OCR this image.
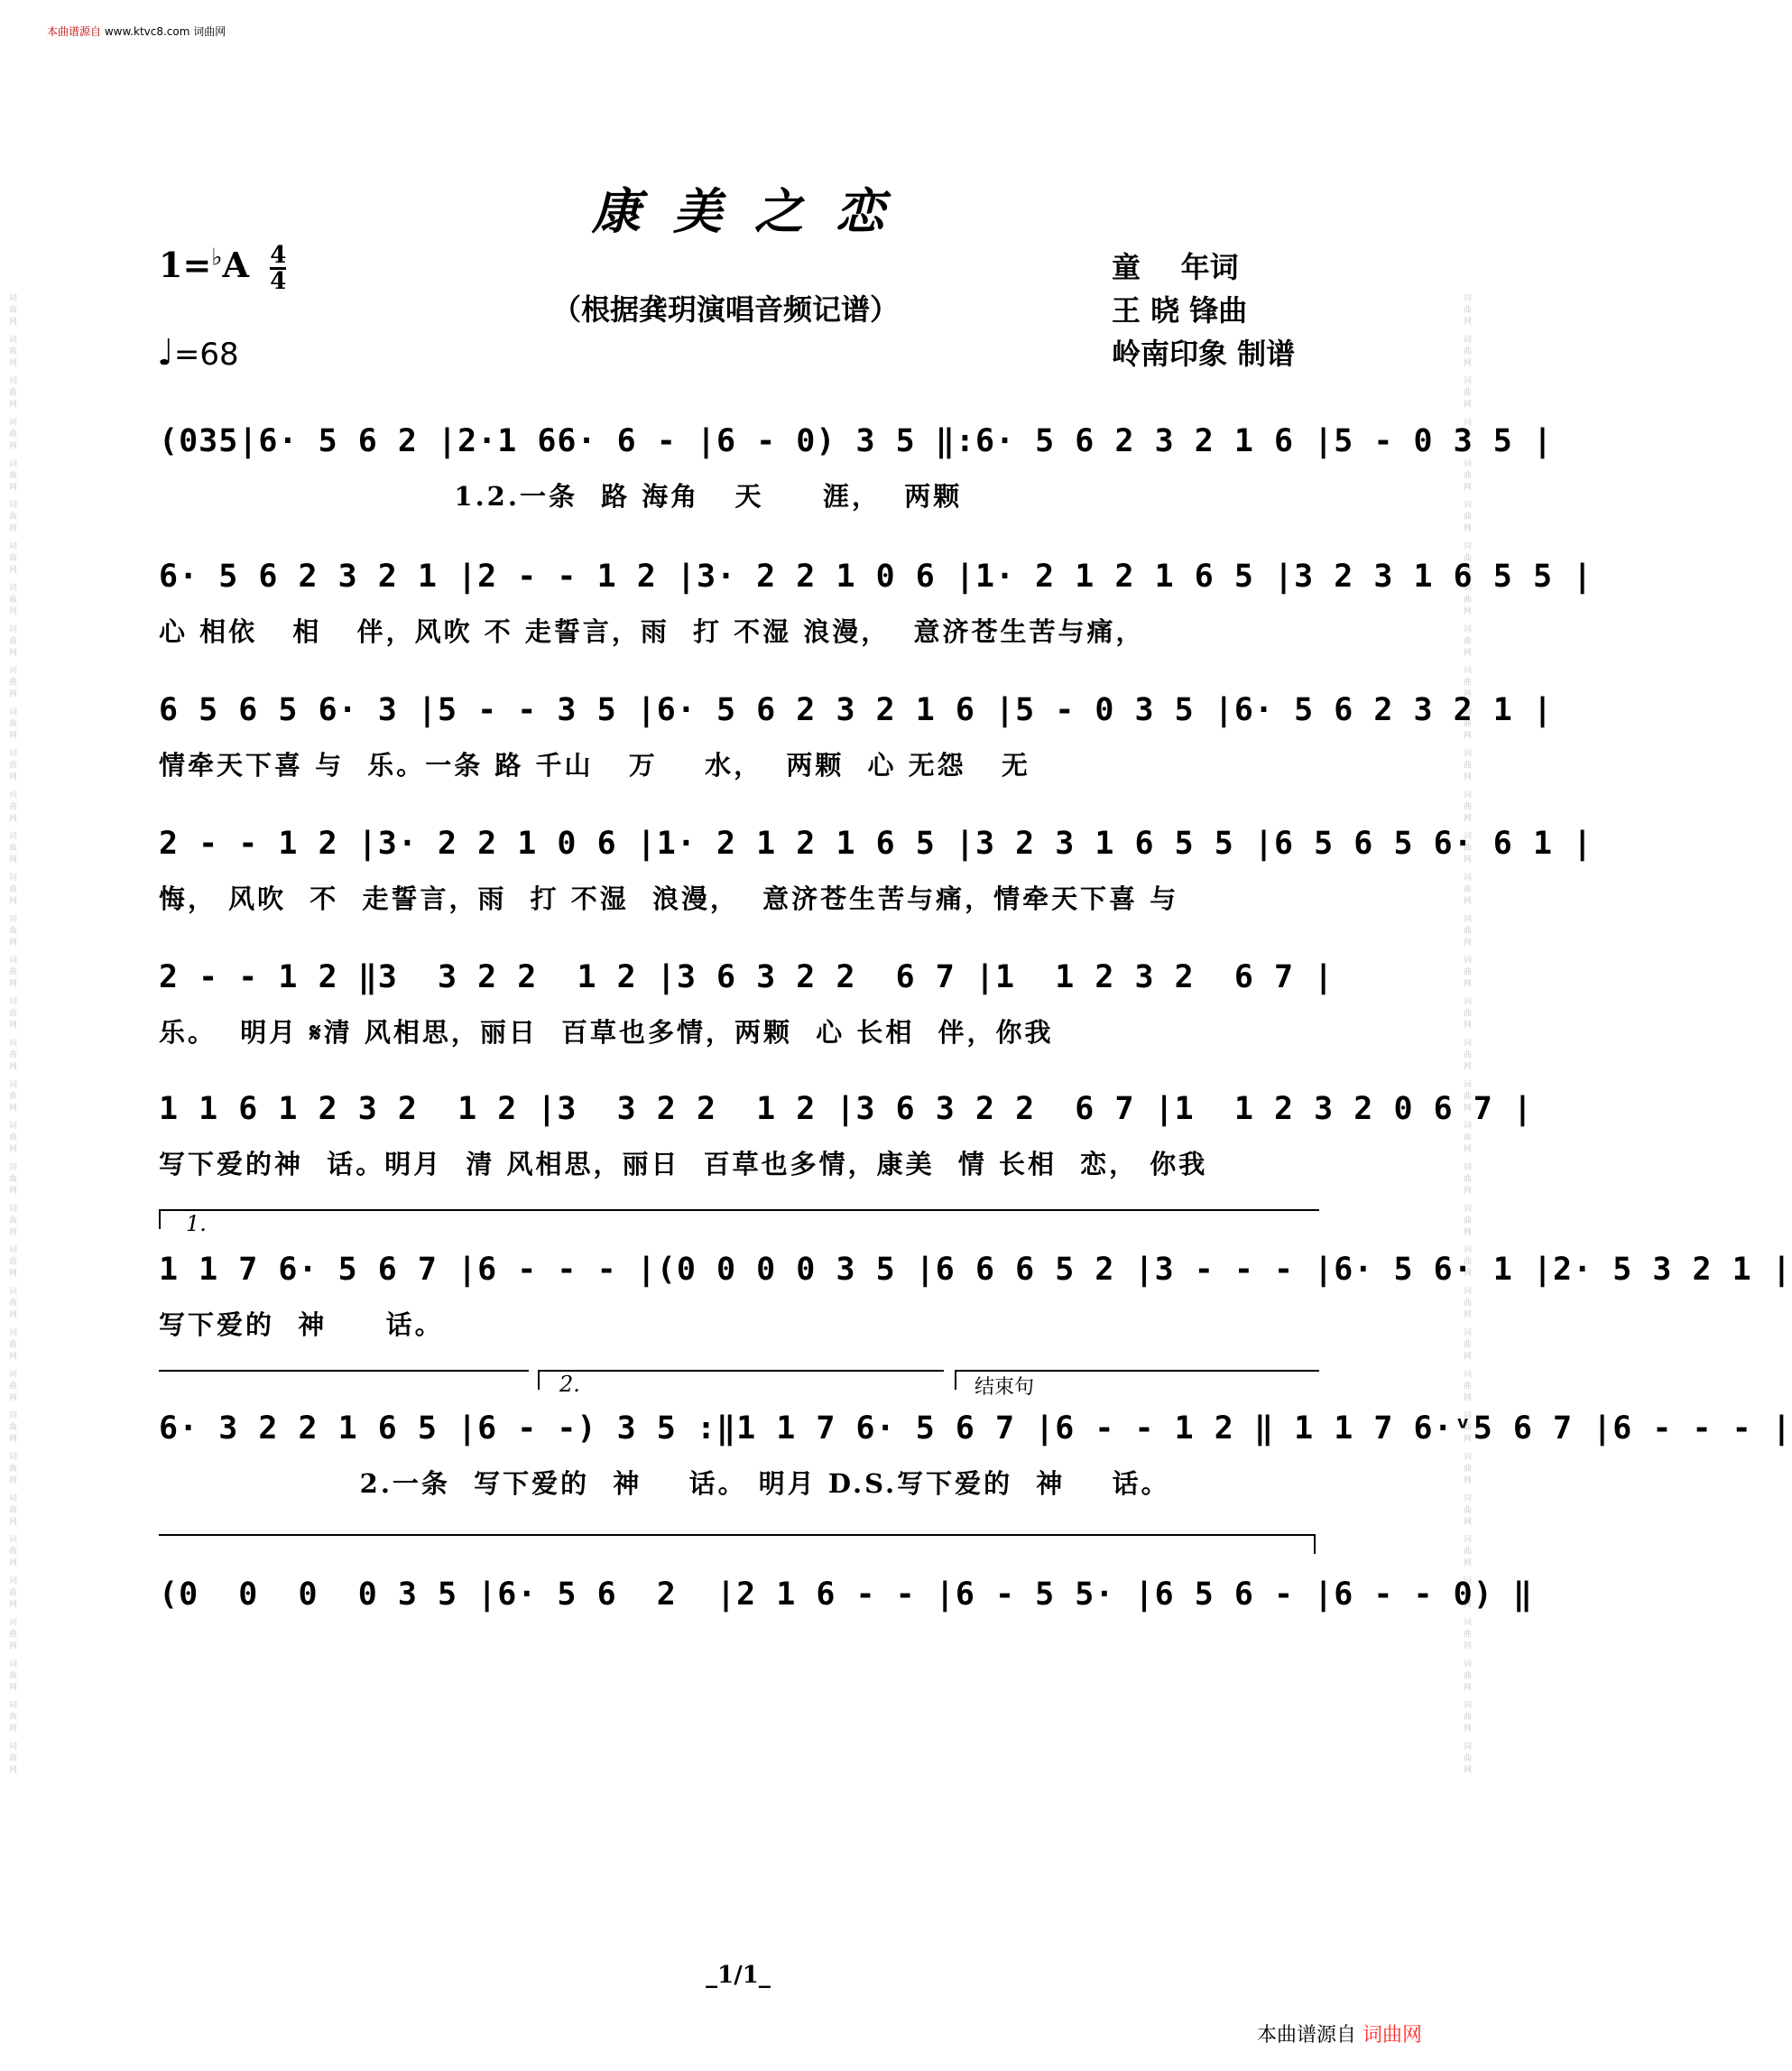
词曲网 词曲网 词曲网 词曲网 词曲网 词曲网 词曲网 词曲网 词曲网 词曲网 词曲网 词曲网 词曲网 词曲网 词曲网 词曲网 词曲网 词曲网 词曲网 词曲网 词曲网 词曲网 词曲网 词曲网 词曲网 词曲网 词曲网 词曲网 词曲网 词曲网 词曲网 词曲网 词曲网 词曲网 词曲网 词曲网	词曲网 词曲网 词曲网 词曲网 词曲网 词曲网 词曲网 词曲网 词曲网 词曲网 词曲网 词曲网 词曲网 词曲网 词曲网 词曲网 词曲网 词曲网 词曲网 词曲网 词曲网 词曲网 词曲网 词曲网 词曲网 词曲网 词曲网 词曲网 词曲网 词曲网 词曲网 词曲网 词曲网 词曲网 词曲网 词曲网
本曲谱源自 www.ktvc8.com 词曲网
康美之恋
$1=^♭A \frac{4}{4}$
（根据龚玥演唱音频记谱）
♩=68
童    年词
王 晓 锋曲
岭南印象 制谱
(035|6· 5 6 2 |2·1 66· 6 - |6 - 0) 3 5 ‖:6· 5 6 2 3 2 1 6 |5 - 0 3 5 |
1.2.一条  路 海角   天     涯，  两颗
6· 5 6 2 3 2 1 |2 - - 1 2 |3· 2 2 1 0 6 |1· 2 1 2 1 6 5 |3 2 3 1 6 5 5 |
心 相依   相   伴，风吹 不 走誓言，雨  打 不湿 浪漫，  意济苍生苦与痛，
6 5 6 5 6· 3 |5 - - 3 5 |6· 5 6 2 3 2 1 6 |5 - 0 3 5 |6· 5 6 2 3 2 1 |
情牵天下喜 与  乐。一条 路 千山   万    水，  两颗  心 无怨   无
2 - - 1 2 |3· 2 2 1 0 6 |1· 2 1 2 1 6 5 |3 2 3 1 6 5 5 |6 5 6 5 6· 6 1 |
悔， 风吹  不  走誓言，雨  打 不湿  浪漫，  意济苍生苦与痛，情牵天下喜 与
2 - - 1 2 ‖3  3 2 2  1 2 |3 6 3 2 2  6 7 |1  1 2 3 2  6 7 |
乐。  明月 𝄋清 风相思，丽日  百草也多情，两颗  心 长相  伴，你我
1 1 6 1 2 3 2  1 2 |3  3 2 2  1 2 |3 6 3 2 2  6 7 |1  1 2 3 2 0 6 7 |
写下爱的神  话。明月  清 风相思，丽日  百草也多情，康美  情 长相  恋， 你我
1.
1 1 7 6· 5 6 7 |6 - - - |(0 0 0 0 3 5 |6 6 6 5 2 |3 - - - |6· 5 6· 1 |2· 5 3 2 1 |
写下爱的  神     话。
2.	结束句
6· 3 2 2 1 6 5 |6 - -) 3 5 :‖1 1 7 6· 5 6 7 |6 - - 1 2 ‖ 1 1 7 6·ᵛ5 6 7 |6 - - - |
2.一条  写下爱的  神    话。 明月 D.S.写下爱的  神    话。
(0  0  0  0 3 5 |6· 5 6  2  |2 1 6 - - |6 - 5 5· |6 5 6 - |6 - - 0) ‖
_1/1_
本曲谱源自 词曲网
